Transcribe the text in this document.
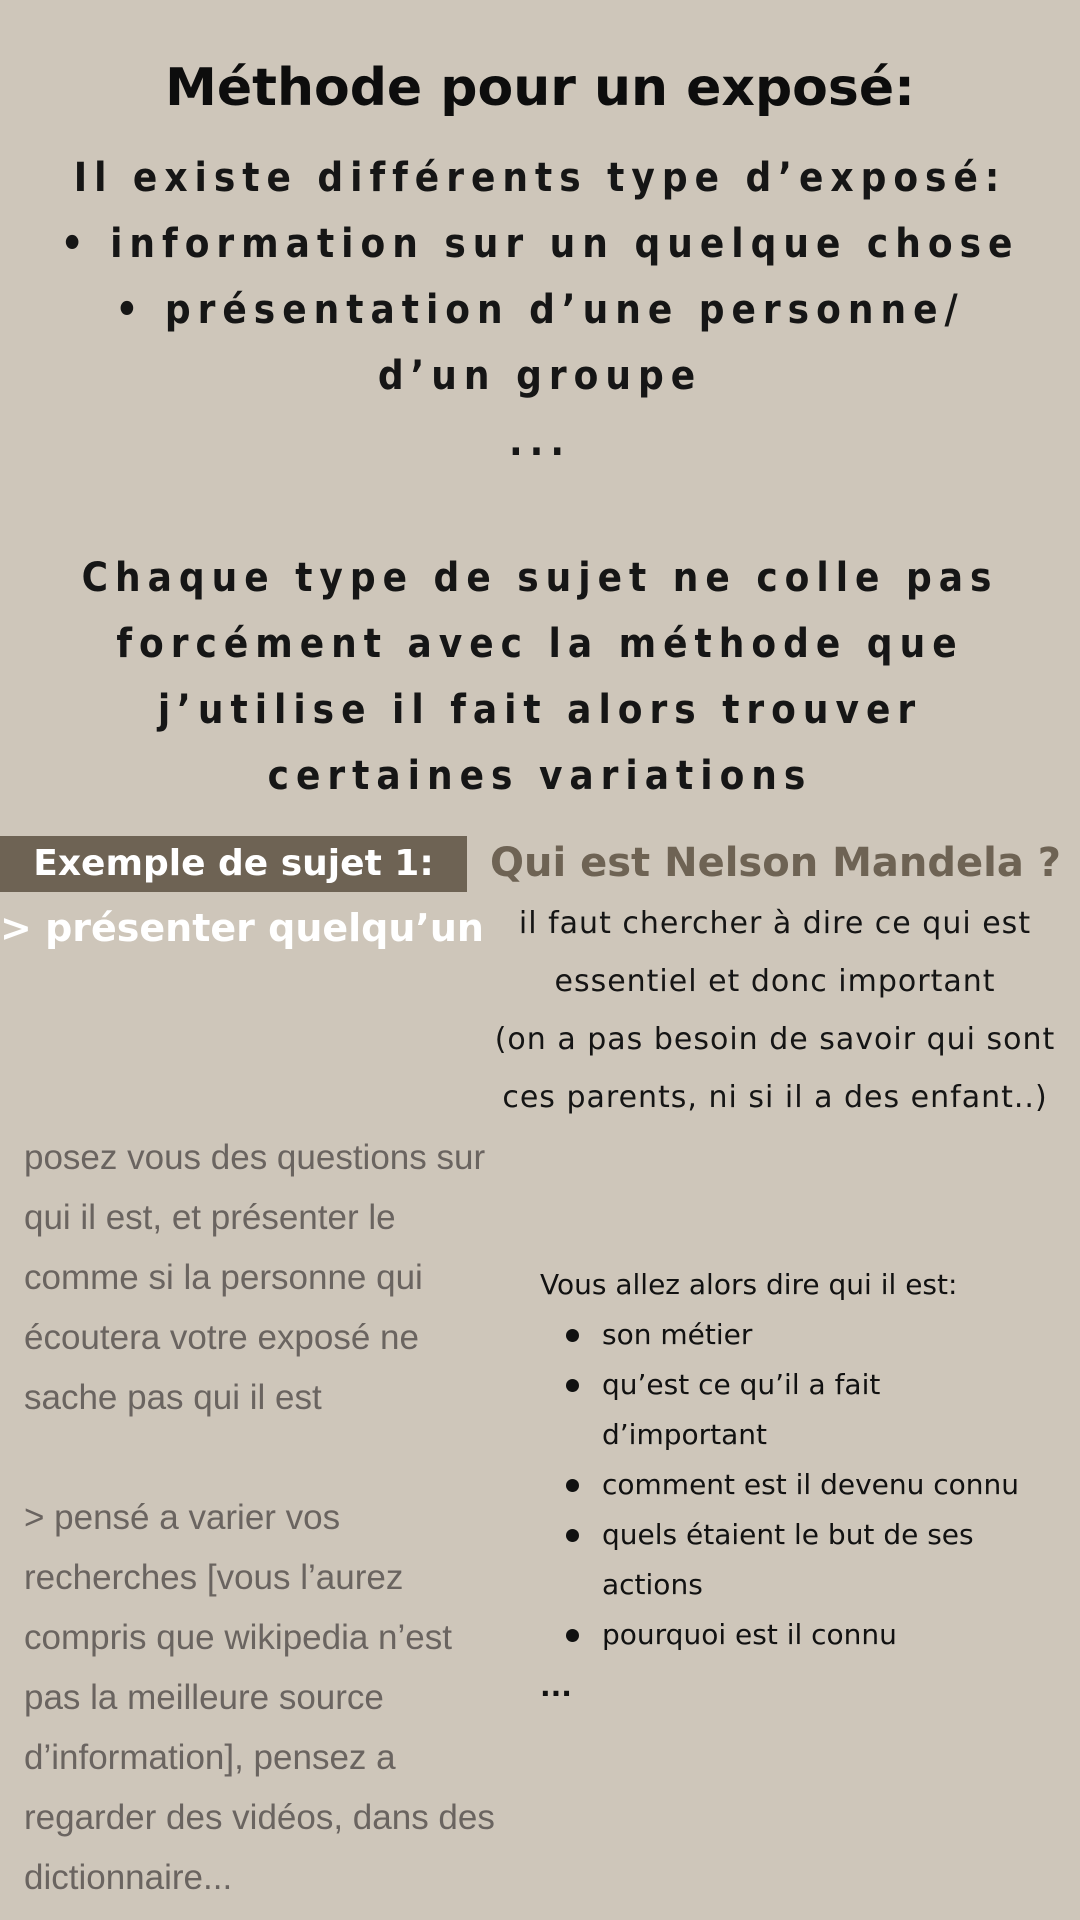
Méthode pour un exposé:
Il existe différents type d’exposé:
• information sur un quelque chose
• présentation d’une personne/
d’un groupe
...
Chaque type de sujet ne colle pas
forcément avec la méthode que
j’utilise il fait alors trouver
certaines variations
Exemple de sujet 1:
> présenter quelqu’un
Qui est Nelson Mandela ?
il faut chercher à dire ce qui est
essentiel et donc important
(on a pas besoin de savoir qui sont
ces parents, ni si il a des enfant..)

posez vous des questions sur

qui il est, et présenter le

comme si la personne qui

écoutera votre exposé ne

sache pas qui il est

> pensé a varier vos

recherches [vous l’aurez

compris que wikipedia n’est

pas la meilleure source

d’information], pensez a

regarder des vidéos, dans des

dictionnaire...

Vous allez alors dire qui il est:
son métier
qu’est ce qu’il a fait
d’important
comment est il devenu connu
quels étaient le but de ses
actions
pourquoi est il connu
...
